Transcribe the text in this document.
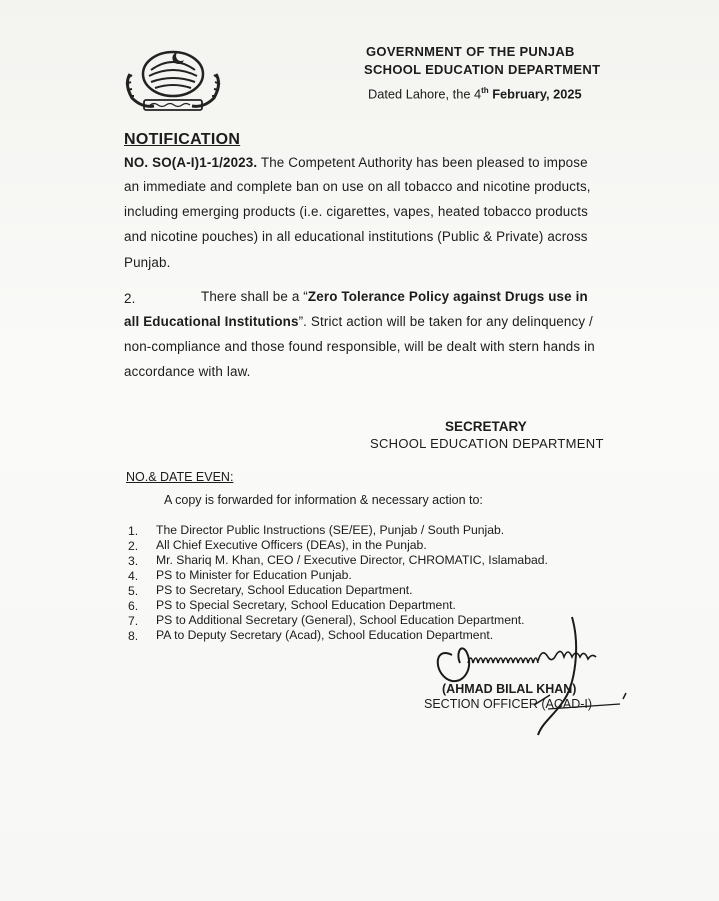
GOVERNMENT OF THE PUNJAB
SCHOOL EDUCATION DEPARTMENT
Dated Lahore, the 4th February, 2025
NOTIFICATION
NO. SO(A-I)1-1/2023. The Competent Authority has been pleased to impose
an immediate and complete ban on use on all tobacco and nicotine products,
including emerging products (i.e. cigarettes, vapes, heated tobacco products
and nicotine pouches) in all educational institutions (Public & Private) across
Punjab.
2.	There shall be a “Zero Tolerance Policy against Drugs use in
all Educational Institutions”. Strict action will be taken for any delinquency /
non-compliance and those found responsible, will be dealt with stern hands in
accordance with law.
SECRETARY
SCHOOL EDUCATION DEPARTMENT
NO.& DATE EVEN:
A copy is forwarded for information & necessary action to:
1. The Director Public Instructions (SE/EE), Punjab / South Punjab.
2. All Chief Executive Officers (DEAs), in the Punjab.
3. Mr. Shariq M. Khan, CEO / Executive Director, CHROMATIC, Islamabad.
4. PS to Minister for Education Punjab.
5. PS to Secretary, School Education Department.
6. PS to Special Secretary, School Education Department.
7. PS to Additional Secretary (General), School Education Department.
8. PA to Deputy Secretary (Acad), School Education Department.
(AHMAD BILAL KHAN)
SECTION OFFICER (ACAD-I)
